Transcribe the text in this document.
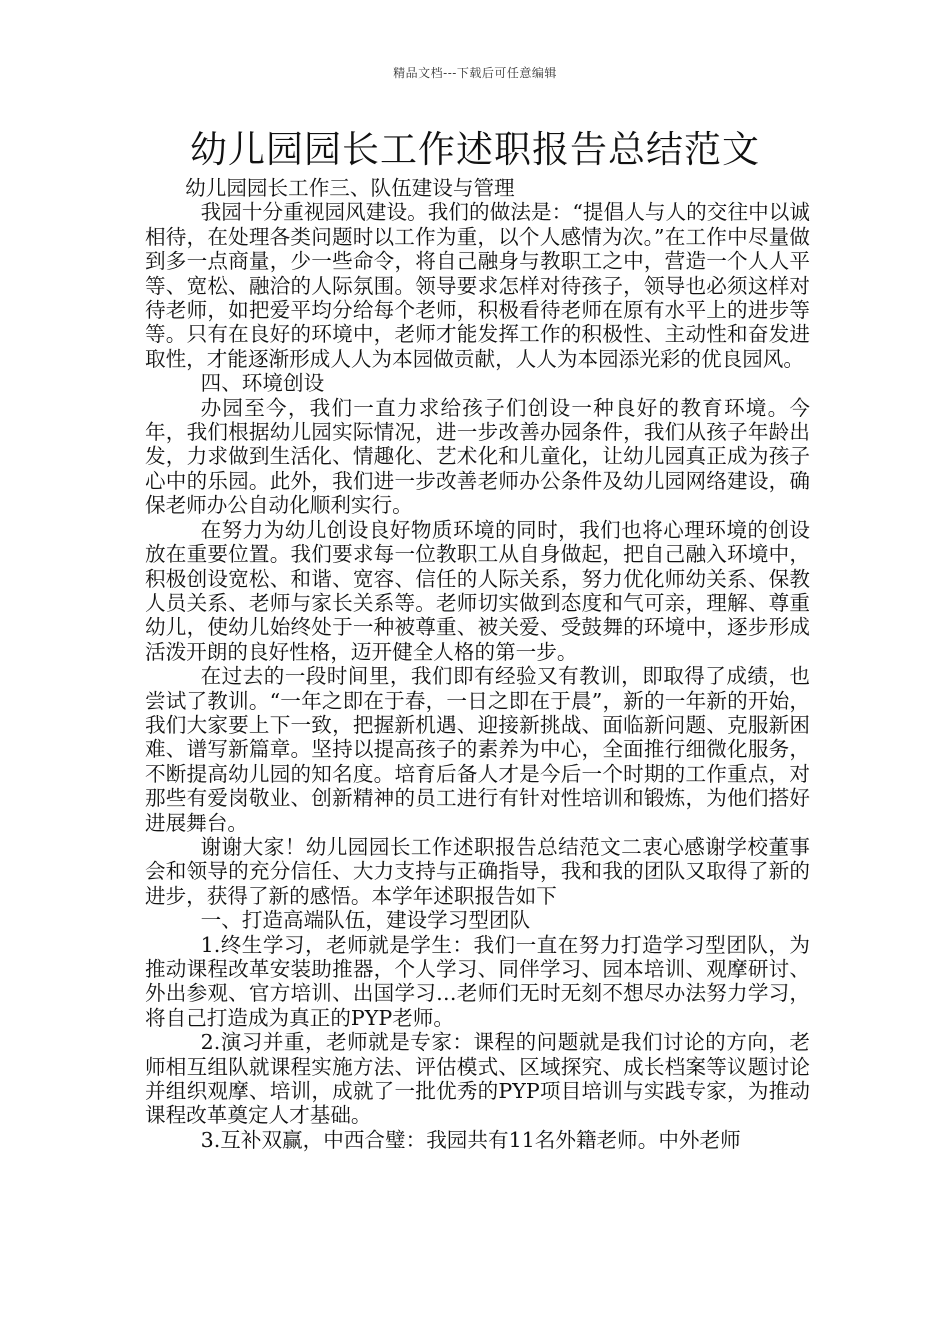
精品文档---下载后可任意编辑
幼儿园园长工作述职报告总结范文

幼儿园园长工作三、队伍建设与管理

我园十分重视园风建设。我们的做法是：“提倡人与人的交往中以诚相待，在处理各类问题时以工作为重，以个人感情为次。”在工作中尽量做到多一点商量，少一些命令，将自己融身与教职工之中，营造一个人人平等、宽松、融洽的人际氛围。领导要求怎样对待孩子，领导也必须这样对待老师，如把爱平均分给每个老师，积极看待老师在原有水平上的进步等等。只有在良好的环境中，老师才能发挥工作的积极性、主动性和奋发进取性，才能逐渐形成人人为本园做贡献，人人为本园添光彩的优良园风。

四、环境创设

办园至今，我们一直力求给孩子们创设一种良好的教育环境。今年，我们根据幼儿园实际情况，进一步改善办园条件，我们从孩子年龄出发，力求做到生活化、情趣化、艺术化和儿童化，让幼儿园真正成为孩子心中的乐园。此外，我们进一步改善老师办公条件及幼儿园网络建设，确保老师办公自动化顺利实行。

在努力为幼儿创设良好物质环境的同时，我们也将心理环境的创设放在重要位置。我们要求每一位教职工从自身做起，把自己融入环境中，积极创设宽松、和谐、宽容、信任的人际关系，努力优化师幼关系、保教人员关系、老师与家长关系等。老师切实做到态度和气可亲，理解、尊重幼儿，使幼儿始终处于一种被尊重、被关爱、受鼓舞的环境中，逐步形成活泼开朗的良好性格，迈开健全人格的第一步。

在过去的一段时间里，我们即有经验又有教训，即取得了成绩，也尝试了教训。“一年之即在于春，一日之即在于晨”，新的一年新的开始，我们大家要上下一致，把握新机遇、迎接新挑战、面临新问题、克服新困难、谱写新篇章。坚持以提高孩子的素养为中心，全面推行细微化服务，不断提高幼儿园的知名度。培育后备人才是今后一个时期的工作重点，对那些有爱岗敬业、创新精神的员工进行有针对性培训和锻炼，为他们搭好进展舞台。

谢谢大家！幼儿园园长工作述职报告总结范文二衷心感谢学校董事会和领导的充分信任、大力支持与正确指导，我和我的团队又取得了新的进步，获得了新的感悟。本学年述职报告如下

一、打造高端队伍，建设学习型团队

1.终生学习，老师就是学生：我们一直在努力打造学习型团队，为推动课程改革安装助推器，个人学习、同伴学习、园本培训、观摩研讨、外出参观、官方培训、出国学习…老师们无时无刻不想尽办法努力学习，将自己打造成为真正的PYP老师。

2.演习并重，老师就是专家：课程的问题就是我们讨论的方向，老师相互组队就课程实施方法、评估模式、区域探究、成长档案等议题讨论并组织观摩、培训，成就了一批优秀的PYP项目培训与实践专家，为推动课程改革奠定人才基础。

3.互补双赢，中西合璧：我园共有11名外籍老师。中外老师
